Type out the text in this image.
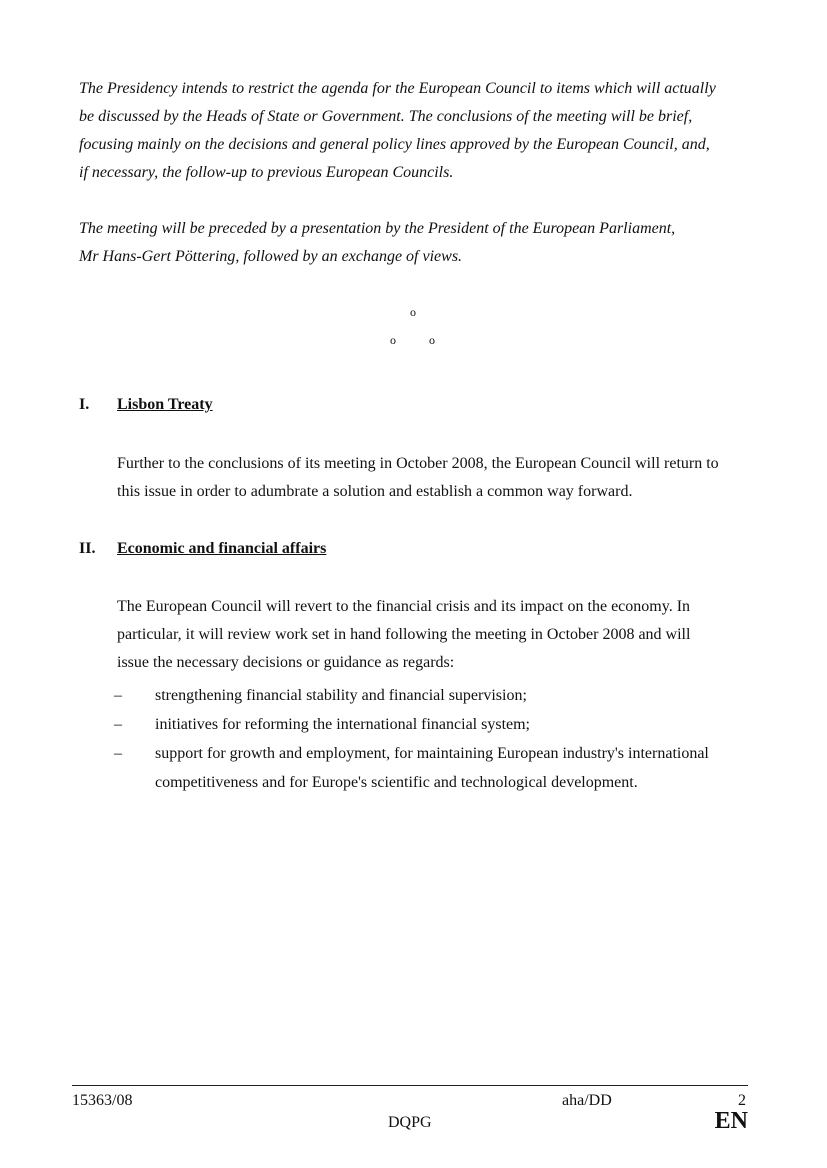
The Presidency intends to restrict the agenda for the European Council to items which will actually
be discussed by the Heads of State or Government. The conclusions of the meeting will be brief,
focusing mainly on the decisions and general policy lines approved by the European Council, and,
if necessary, the follow-up to previous European Councils.

The meeting will be preceded by a presentation by the President of the European Parliament,
Mr Hans-Gert Pöttering, followed by an exchange of views.

o
o	o
I. Lisbon Treaty
Further to the conclusions of its meeting in October 2008, the European Council will return to
this issue in order to adumbrate a solution and establish a common way forward.
II. Economic and financial affairs
The European Council will revert to the financial crisis and its impact on the economy. In
particular, it will review work set in hand following the meeting in October 2008 and will
issue the necessary decisions or guidance as regards:
– strengthening financial stability and financial supervision;
– initiatives for reforming the international financial system;
– support for growth and employment, for maintaining European industry's international
competitiveness and for Europe's scientific and technological development.
15363/08	aha/DD	2
DQPG	EN
